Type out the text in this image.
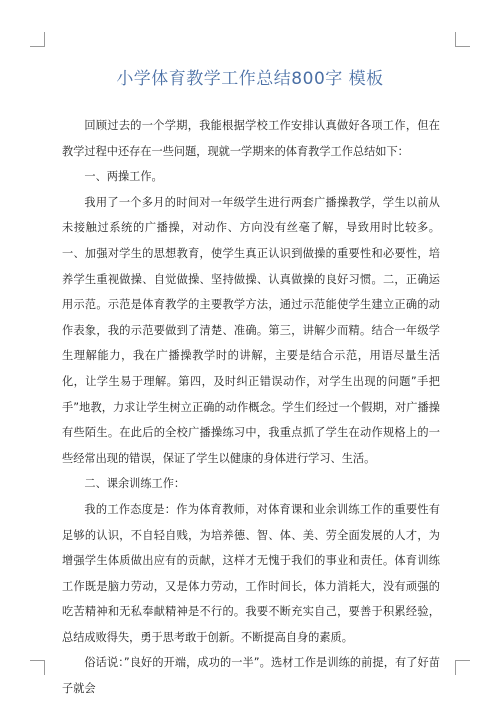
小学体育教学工作总结800字 模板

回顾过去的一个学期，我能根据学校工作安排认真做好各项工作，但在教学过程中还存在一些问题，现就一学期来的体育教学工作总结如下：

一、两操工作。

我用了一个多月的时间对一年级学生进行两套广播操教学，学生以前从未接触过系统的广播操，对动作、方向没有丝毫了解，导致用时比较多。一、加强对学生的思想教育，使学生真正认识到做操的重要性和必要性，培养学生重视做操、自觉做操、坚持做操、认真做操的良好习惯。二，正确运用示范。示范是体育教学的主要教学方法，通过示范能使学生建立正确的动作表象，我的示范要做到了清楚、准确。第三，讲解少而精。结合一年级学生理解能力，我在广播操教学时的讲解，主要是结合示范，用语尽量生活化，让学生易于理解。第四，及时纠正错误动作，对学生出现的问题”手把手”地教，力求让学生树立正确的动作概念。学生们经过一个假期，对广播操有些陌生。在此后的全校广播操练习中，我重点抓了学生在动作规格上的一些经常出现的错误，保证了学生以健康的身体进行学习、生活。

二、课余训练工作：

我的工作态度是：作为体育教师，对体育课和业余训练工作的重要性有足够的认识，不自轻自贱，为培养德、智、体、美、劳全面发展的人才，为增强学生体质做出应有的贡献，这样才无愧于我们的事业和责任。体育训练工作既是脑力劳动，又是体力劳动，工作时间长，体力消耗大，没有顽强的吃苦精神和无私奉献精神是不行的。我要不断充实自己，要善于积累经验，总结成败得失，勇于思考敢于创新。不断提高自身的素质。

俗话说：”良好的开端，成功的一半”。选材工作是训练的前提，有了好苗子就会
